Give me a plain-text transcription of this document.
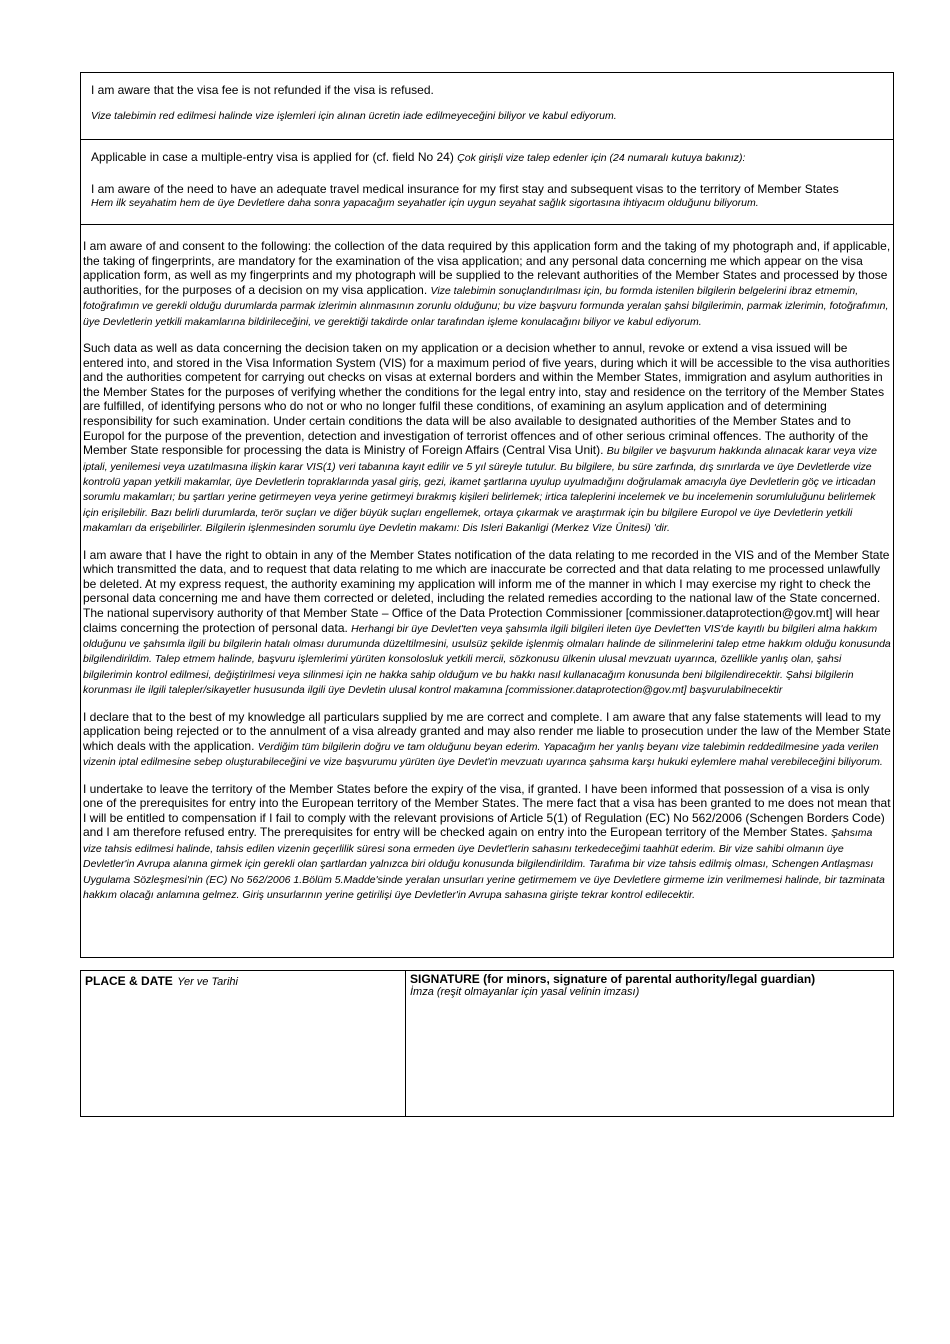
I am aware that the visa fee is not refunded if the visa is refused.

Vize talebimin red edilmesi halinde vize işlemleri için alınan ücretin iade edilmeyeceğini biliyor ve kabul ediyorum.

Applicable in case a multiple-entry visa is applied for (cf. field No 24) Çok girişli vize talep edenler için (24 numaralı kutuya bakınız):

I am aware of the need to have an adequate travel medical insurance for my first stay and subsequent visas to the territory of Member States

Hem ilk seyahatim hem de üye Devletlere daha sonra yapacağım seyahatler için uygun seyahat sağlık sigortasına ihtiyacım olduğunu biliyorum.

I am aware of and consent to the following: the collection of the data required by this application form and the taking of my photograph and, if applicable, the taking of fingerprints, are mandatory for the examination of the visa application; and any personal data concerning me which appear on the visa application form, as well as my fingerprints and my photograph will be supplied to the relevant authorities of the Member States and processed by those authorities, for the purposes of a decision on my visa application. Vize talebimin sonuçlandırılması için, bu formda istenilen bilgilerin belgelerini ibraz etmemin, fotoğrafımın ve gerekli olduğu durumlarda parmak izlerimin alınmasının zorunlu olduğunu; bu vize başvuru formunda yeralan şahsi bilgilerimin, parmak izlerimin, fotoğrafımın, üye Devletlerin yetkili makamlarına bildirileceğini, ve gerektiği takdirde onlar tarafından işleme konulacağını biliyor ve kabul ediyorum.

Such data as well as data concerning the decision taken on my application or a decision whether to annul, revoke or extend a visa issued will be entered into, and stored in the Visa Information System (VIS) for a maximum period of five years, during which it will be accessible to the visa authorities and the authorities competent for carrying out checks on visas at external borders and within the Member States, immigration and asylum authorities in the Member States for the purposes of verifying whether the conditions for the legal entry into, stay and residence on the territory of the Member States are fulfilled, of identifying persons who do not or who no longer fulfil these conditions, of examining an asylum application and of determining responsibility for such examination. Under certain conditions the data will be also available to designated authorities of the Member States and to Europol for the purpose of the prevention, detection and investigation of terrorist offences and of other serious criminal offences. The authority of the Member State responsible for processing the data is Ministry of Foreign Affairs (Central Visa Unit). Bu bilgiler ve başvurum hakkında alınacak karar veya vize iptali, yenilemesi veya uzatılmasına ilişkin karar VIS(1) veri tabanına kayıt edilir ve 5 yıl süreyle tutulur. Bu bilgilere, bu süre zarfında, dış sınırlarda ve üye Devletlerde vize kontrolü yapan yetkili makamlar, üye Devletlerin topraklarında yasal giriş, gezi, ikamet şartlarına uyulup uyulmadığını doğrulamak amacıyla üye Devletlerin göç ve irticadan sorumlu makamları; bu şartları yerine getirmeyen veya yerine getirmeyi bırakmış kişileri belirlemek; irtica taleplerini incelemek ve bu incelemenin sorumluluğunu belirlemek için erişilebilir. Bazı belirli durumlarda, terör suçları ve diğer büyük suçları engellemek, ortaya çıkarmak ve araştırmak için bu bilgilere Europol ve üye Devletlerin yetkili makamları da erişebilirler. Bilgilerin işlenmesinden sorumlu üye Devletin makamı: Dis Isleri Bakanligi (Merkez Vize Ünitesi) 'dir.

I am aware that I have the right to obtain in any of the Member States notification of the data relating to me recorded in the VIS and of the Member State which transmitted the data, and to request that data relating to me which are inaccurate be corrected and that data relating to me processed unlawfully be deleted. At my express request, the authority examining my application will inform me of the manner in which I may exercise my right to check the personal data concerning me and have them corrected or deleted, including the related remedies according to the national law of the State concerned. The national supervisory authority of that Member State – Office of the Data Protection Commissioner [commissioner.dataprotection@gov.mt] will hear claims concerning the protection of personal data. Herhangi bir üye Devlet'ten veya şahsımla ilgili bilgileri ileten üye Devlet'ten VIS'de kayıtlı bu bilgileri alma hakkım olduğunu ve şahsımla ilgili bu bilgilerin hatalı olması durumunda düzeltilmesini, usulsüz şekilde işlenmiş olmaları halinde de silinmelerini talep etme hakkım olduğu konusunda bilgilendirildim. Talep etmem halinde, başvuru işlemlerimi yürüten konsolosluk yetkili mercii, sözkonusu ülkenin ulusal mevzuatı uyarınca, özellikle yanlış olan, şahsi bilgilerimin kontrol edilmesi, değiştirilmesi veya silinmesi için ne hakka sahip olduğum ve bu hakkı nasıl kullanacağım konusunda beni bilgilendirecektir. Şahsi bilgilerin korunması ile ilgili talepler/sikayetler hususunda ilgili üye Devletin ulusal kontrol makamına [commissioner.dataprotection@gov.mt] başvurulabilnecektir

I declare that to the best of my knowledge all particulars supplied by me are correct and complete. I am aware that any false statements will lead to my application being rejected or to the annulment of a visa already granted and may also render me liable to prosecution under the law of the Member State which deals with the application. Verdiğim tüm bilgilerin doğru ve tam olduğunu beyan ederim. Yapacağım her yanlış beyanı vize talebimin reddedilmesine yada verilen vizenin iptal edilmesine sebep oluşturabileceğini ve vize başvurumu yürüten üye Devlet'in mevzuatı uyarınca şahsıma karşı hukuki eylemlere mahal verebileceğini biliyorum.

I undertake to leave the territory of the Member States before the expiry of the visa, if granted. I have been informed that possession of a visa is only one of the prerequisites for entry into the European territory of the Member States. The mere fact that a visa has been granted to me does not mean that I will be entitled to compensation if I fail to comply with the relevant provisions of Article 5(1) of Regulation (EC) No 562/2006 (Schengen Borders Code) and I am therefore refused entry. The prerequisites for entry will be checked again on entry into the European territory of the Member States. Şahsıma vize tahsis edilmesi halinde, tahsis edilen vizenin geçerlilik süresi sona ermeden üye Devlet'lerin sahasını terkedeceğimi taahhüt ederim. Bir vize sahibi olmanın üye Devletler'in Avrupa alanına girmek için gerekli olan şartlardan yalnızca biri olduğu konusunda bilgilendirildim. Tarafıma bir vize tahsis edilmiş olması, Schengen Antlaşması Uygulama Sözleşmesi'nin (EC) No 562/2006 1.Bölüm 5.Madde'sinde yeralan unsurları yerine getirmemem ve üye Devletlere girmeme izin verilmemesi halinde, bir tazminata hakkım olacağı anlamına gelmez. Giriş unsurlarının yerine getirilişi üye Devletler'in Avrupa sahasına girişte tekrar kontrol edilecektir.

PLACE & DATE Yer ve Tarihi	SIGNATURE (for minors, signature of parental authority/legal guardian)
İmza (reşit olmayanlar için yasal velinin imzası)
